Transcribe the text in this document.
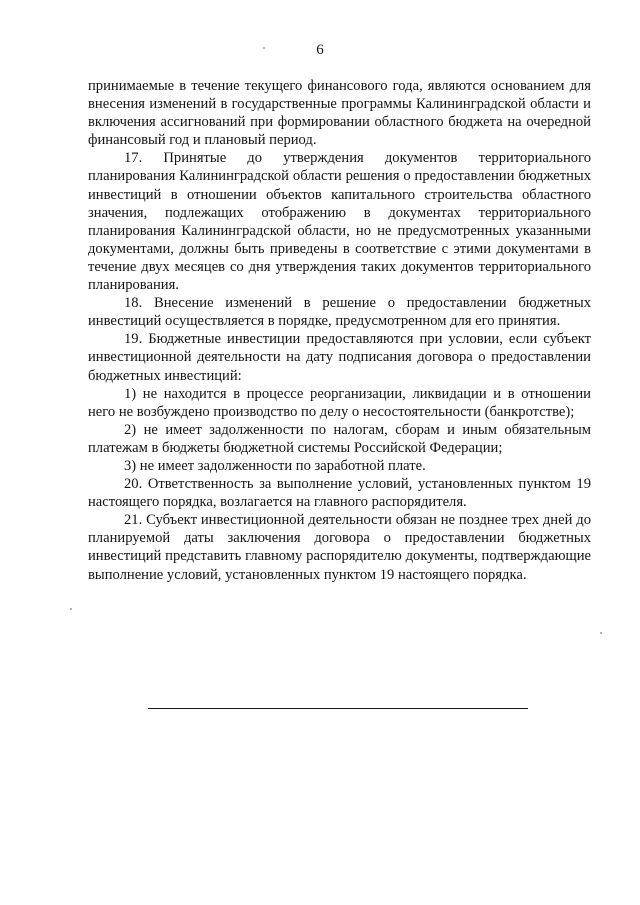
6

принимаемые в течение текущего финансового года, являются основанием для внесения изменений в государственные программы Калининградской области и включения ассигнований при формировании областного бюджета на очередной финансовый год и плановый период.

17. Принятые до утверждения документов территориального планирования Калининградской области решения о предоставлении бюджетных инвестиций в отношении объектов капитального строительства областного значения, подлежащих отображению в документах территориального планирования Калининградской области, но не предусмотренных указанными документами, должны быть приведены в соответствие с этими документами в течение двух месяцев со дня утверждения таких документов территориального планирования.

18. Внесение изменений в решение о предоставлении бюджетных инвестиций осуществляется в порядке, предусмотренном для его принятия.

19. Бюджетные инвестиции предоставляются при условии, если субъект инвестиционной деятельности на дату подписания договора о предоставлении бюджетных инвестиций:

1) не находится в процессе реорганизации, ликвидации и в отношении него не возбуждено производство по делу о несостоятельности (банкротстве);

2) не имеет задолженности по налогам, сборам и иным обязательным платежам в бюджеты бюджетной системы Российской Федерации;

3) не имеет задолженности по заработной плате.

20. Ответственность за выполнение условий, установленных пунктом 19 настоящего порядка, возлагается на главного распорядителя.

21. Субъект инвестиционной деятельности обязан не позднее трех дней до планируемой даты заключения договора о предоставлении бюджетных инвестиций представить главному распорядителю документы, подтверждающие выполнение условий, установленных пунктом 19 настоящего порядка.
